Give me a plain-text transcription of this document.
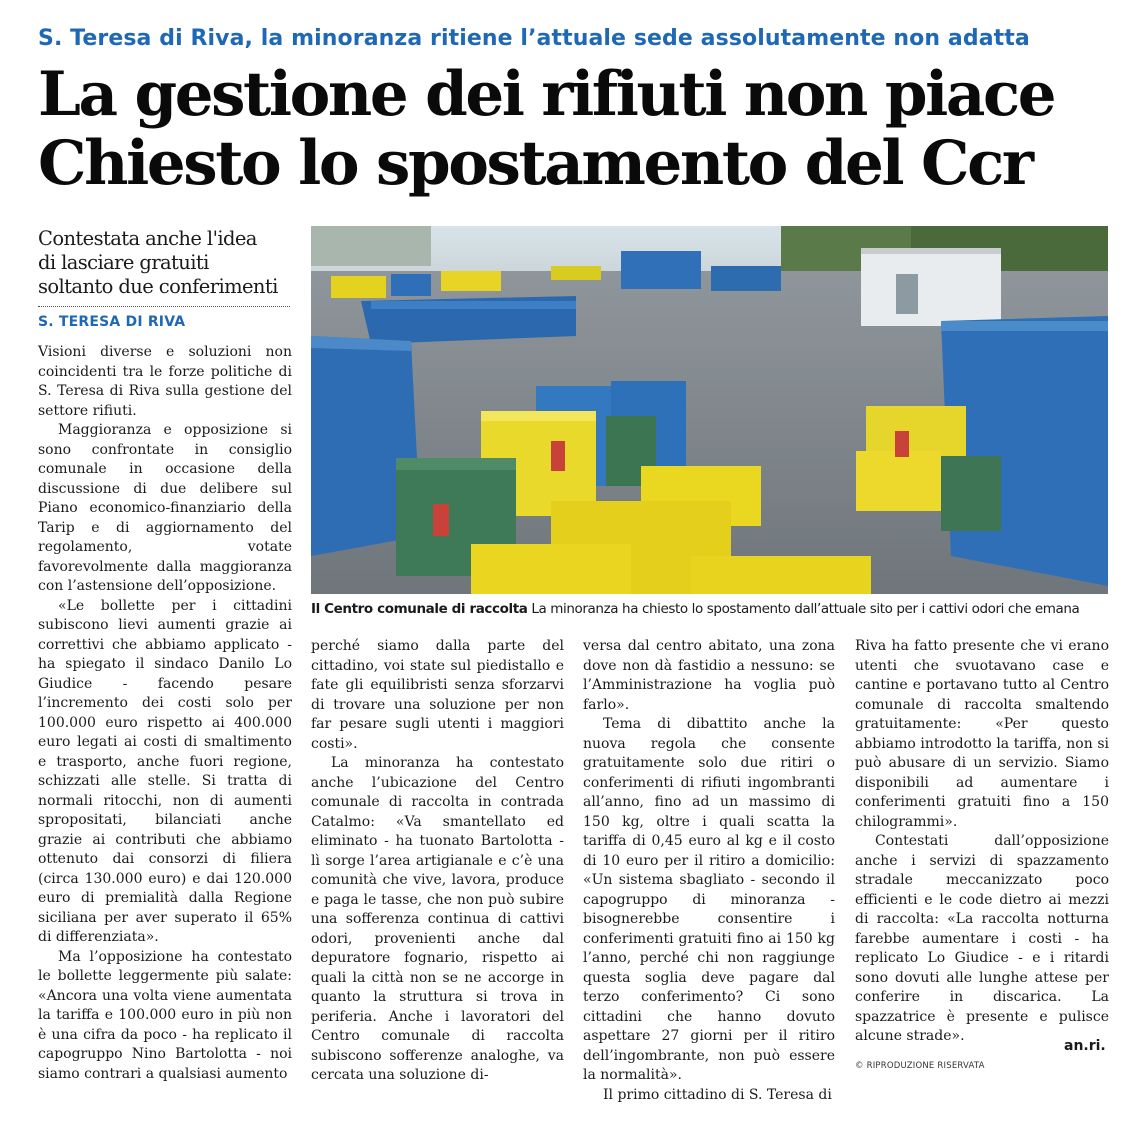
S. Teresa di Riva, la minoranza ritiene l’attuale sede assolutamente non adatta
La gestione dei rifiuti non piace
Chiesto lo spostamento del Ccr
Contestata anche l'idea
di lasciare gratuiti
soltanto due conferimenti
S. TERESA DI RIVA
Il Centro comunale di raccolta La minoranza ha chiesto lo spostamento dall’attuale sito per i cattivi odori che emana

Visioni diverse e soluzioni non coincidenti tra le forze politiche di S. Teresa di Riva sulla gestione del settore rifiuti.

Maggioranza e opposizione si sono confrontate in consiglio comunale in occasione della discussione di due delibere sul Piano economico-finanziario della Tarip e di aggiornamento del regolamento, votate favorevolmente dalla maggioranza con l’astensione dell’opposizione.

«Le bollette per i cittadini subiscono lievi aumenti grazie ai correttivi che abbiamo applicato - ha spiegato il sindaco Danilo Lo Giudice - facendo pesare l’incremento dei costi solo per 100.000 euro rispetto ai 400.000 euro legati ai costi di smaltimento e trasporto, anche fuori regione, schizzati alle stelle. Si tratta di normali ritocchi, non di aumenti spropositati, bilanciati anche grazie ai contributi che abbiamo ottenuto dai consorzi di filiera (circa 130.000 euro) e dai 120.000 euro di premialità dalla Regione siciliana per aver superato il 65% di differenziata».

Ma l’opposizione ha contestato le bollette leggermente più salate: «Ancora una volta viene aumentata la tariffa e 100.000 euro in più non è una cifra da poco - ha replicato il capogruppo Nino Bartolotta - noi siamo contrari a qualsiasi aumento

perché siamo dalla parte del cittadino, voi state sul piedistallo e fate gli equilibristi senza sforzarvi di trovare una soluzione per non far pesare sugli utenti i maggiori costi».

La minoranza ha contestato anche l’ubicazione del Centro comunale di raccolta in contrada Catalmo: «Va smantellato ed eliminato - ha tuonato Bartolotta - lì sorge l’area artigianale e c’è una comunità che vive, lavora, produce e paga le tasse, che non può subire una sofferenza continua di cattivi odori, provenienti anche dal depuratore fognario, rispetto ai quali la città non se ne accorge in quanto la struttura si trova in periferia. Anche i lavoratori del Centro comunale di raccolta subiscono sofferenze analoghe, va cercata una soluzione di-

versa dal centro abitato, una zona dove non dà fastidio a nessuno: se l’Amministrazione ha voglia può farlo».

Tema di dibattito anche la nuova regola che consente gratuitamente solo due ritiri o conferimenti di rifiuti ingombranti all’anno, fino ad un massimo di 150 kg, oltre i quali scatta la tariffa di 0,45 euro al kg e il costo di 10 euro per il ritiro a domicilio: «Un sistema sbagliato - secondo il capogruppo di minoranza - bisognerebbe consentire i conferimenti gratuiti fino ai 150 kg l’anno, perché chi non raggiunge questa soglia deve pagare dal terzo conferimento? Ci sono cittadini che hanno dovuto aspettare 27 giorni per il ritiro dell’ingombrante, non può essere la normalità».

Il primo cittadino di S. Teresa di

Riva ha fatto presente che vi erano utenti che svuotavano case e cantine e portavano tutto al Centro comunale di raccolta smaltendo gratuitamente: «Per questo abbiamo introdotto la tariffa, non si può abusare di un servizio. Siamo disponibili ad aumentare i conferimenti gratuiti fino a 150 chilogrammi».

Contestati dall’opposizione anche i servizi di spazzamento stradale meccanizzato poco efficienti e le code dietro ai mezzi di raccolta: «La raccolta notturna farebbe aumentare i costi - ha replicato Lo Giudice - e i ritardi sono dovuti alle lunghe attese per conferire in discarica. La spazzatrice è presente e pulisce alcune strade».

an.ri.
© RIPRODUZIONE RISERVATA
